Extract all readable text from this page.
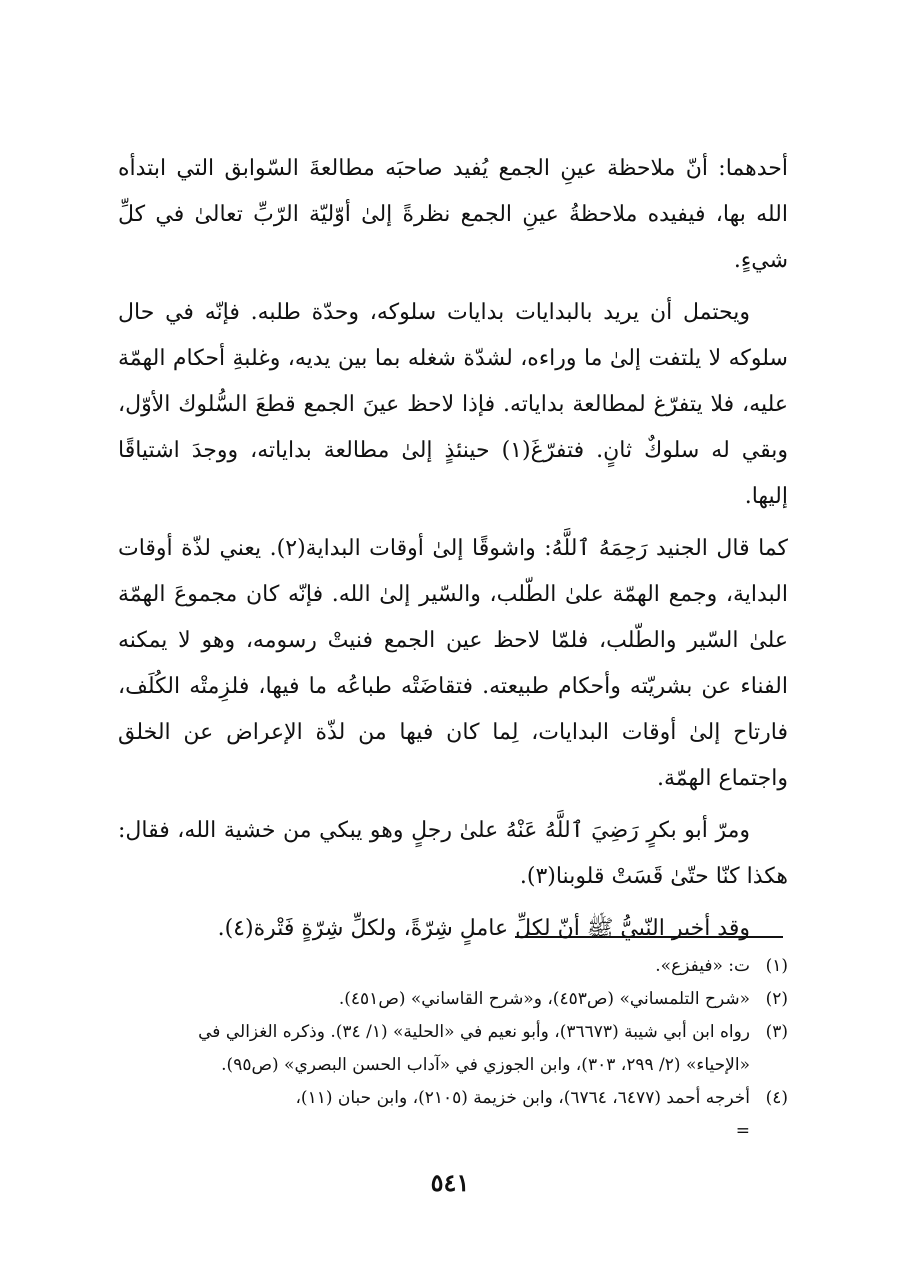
أحدهما: أنّ ملاحظة عينِ الجمع يُفيد صاحبَه مطالعةَ السّوابق التي ابتدأه الله بها، فيفيده ملاحظةُ عينِ الجمع نظرةً إلىٰ أوّليّة الرّبِّ تعالىٰ في كلِّ شيءٍ.

ويحتمل أن يريد بالبدايات بدايات سلوكه، وحدّة طلبه. فإنّه في حال سلوكه لا يلتفت إلىٰ ما وراءه، لشدّة شغله بما بين يديه، وغلبةِ أحكام الهمّة عليه، فلا يتفرّغ لمطالعة بداياته. فإذا لاحظ عينَ الجمع قطعَ السُّلوك الأوّل، وبقي له سلوكٌ ثانٍ. فتفرّغَ(١) حينئذٍ إلىٰ مطالعة بداياته، ووجدَ اشتياقًا إليها.

كما قال الجنيد رَحِمَهُ ٱللَّهُ: واشوقًا إلىٰ أوقات البداية(٢). يعني لذّة أوقات البداية، وجمع الهمّة علىٰ الطّلب، والسّير إلىٰ الله. فإنّه كان مجموعَ الهمّة علىٰ السّير والطّلب، فلمّا لاحظ عين الجمع فنيتْ رسومه، وهو لا يمكنه الفناء عن بشريّته وأحكام طبيعته. فتقاضَتْه طباعُه ما فيها، فلزِمتْه الكُلَف، فارتاح إلىٰ أوقات البدايات، لِما كان فيها من لذّة الإعراض عن الخلق واجتماع الهمّة.

ومرّ أبو بكرٍ رَضِيَ ٱللَّهُ عَنْهُ علىٰ رجلٍ وهو يبكي من خشية الله، فقال: هكذا كنّا حتّىٰ قَسَتْ قلوبنا(٣).

وقد أخبر النّبيُّ ﷺ أنّ لكلِّ عاملٍ شِرّةً، ولكلِّ شِرّةٍ فَتْرة(٤).

(١)
ت: «فيفزع».
(٢)
«شرح التلمساني» (ص٤٥٣)، و«شرح القاساني» (ص٤٥١).
(٣)
رواه ابن أبي شيبة (٣٦٦٧٣)، وأبو نعيم في «الحلية» (١/ ٣٤). وذكره الغزالي في
«الإحياء» (٢/ ٢٩٩، ٣٠٣)، وابن الجوزي في «آداب الحسن البصري» (ص٩٥).
(٤)
أخرجه أحمد (٦٤٧٧، ٦٧٦٤)، وابن خزيمة (٢١٠٥)، وابن حبان (١١)،
=
٥٤١
